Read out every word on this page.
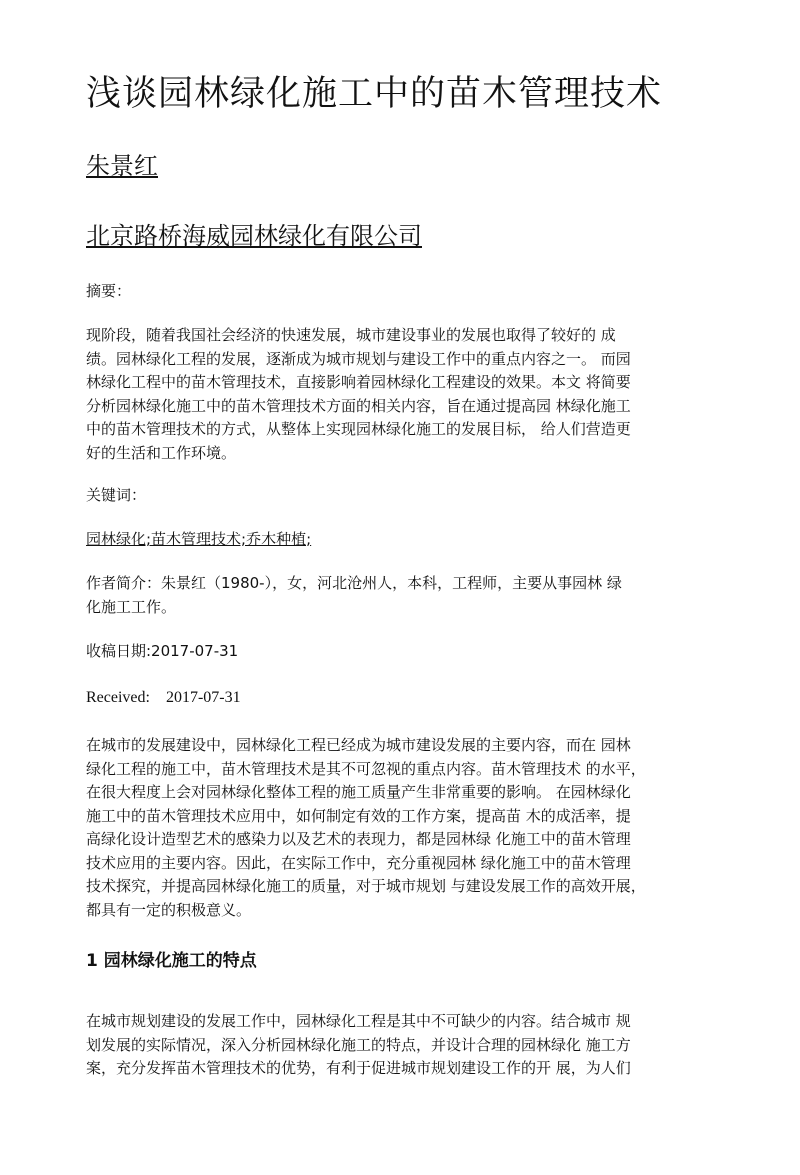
浅谈园林绿化施工中的苗木管理技术

朱景红

北京路桥海威园林绿化有限公司

摘要：

现阶段，随着我国社会经济的快速发展，城市建设事业的发展也取得了较好的 成
绩。园林绿化工程的发展，逐渐成为城市规划与建设工作中的重点内容之一。 而园
林绿化工程中的苗木管理技术，直接影响着园林绿化工程建设的效果。本文 将简要
分析园林绿化施工中的苗木管理技术方面的相关内容，旨在通过提高园 林绿化施工
中的苗木管理技术的方式，从整体上实现园林绿化施工的发展目标， 给人们营造更
好的生活和工作环境。

关键词：

园林绿化;苗木管理技术;乔木种植;

作者简介：朱景红（1980-），女，河北沧州人，本科，工程师，主要从事园林 绿
化施工工作。

收稿日期:2017-07-31

Received: 2017-07-31

在城市的发展建设中，园林绿化工程已经成为城市建设发展的主要内容，而在 园林
绿化工程的施工中，苗木管理技术是其不可忽视的重点内容。苗木管理技术 的水平，
在很大程度上会对园林绿化整体工程的施工质量产生非常重要的影响。 在园林绿化
施工中的苗木管理技术应用中，如何制定有效的工作方案，提高苗 木的成活率，提
高绿化设计造型艺术的感染力以及艺术的表现力，都是园林绿 化施工中的苗木管理
技术应用的主要内容。因此，在实际工作中，充分重视园林 绿化施工中的苗木管理
技术探究，并提高园林绿化施工的质量，对于城市规划 与建设发展工作的高效开展，
都具有一定的积极意义。
1 园林绿化施工的特点
在城市规划建设的发展工作中，园林绿化工程是其中不可缺少的内容。结合城市 规
划发展的实际情况，深入分析园林绿化施工的特点，并设计合理的园林绿化 施工方
案，充分发挥苗木管理技术的优势，有利于促进城市规划建设工作的开 展，为人们
